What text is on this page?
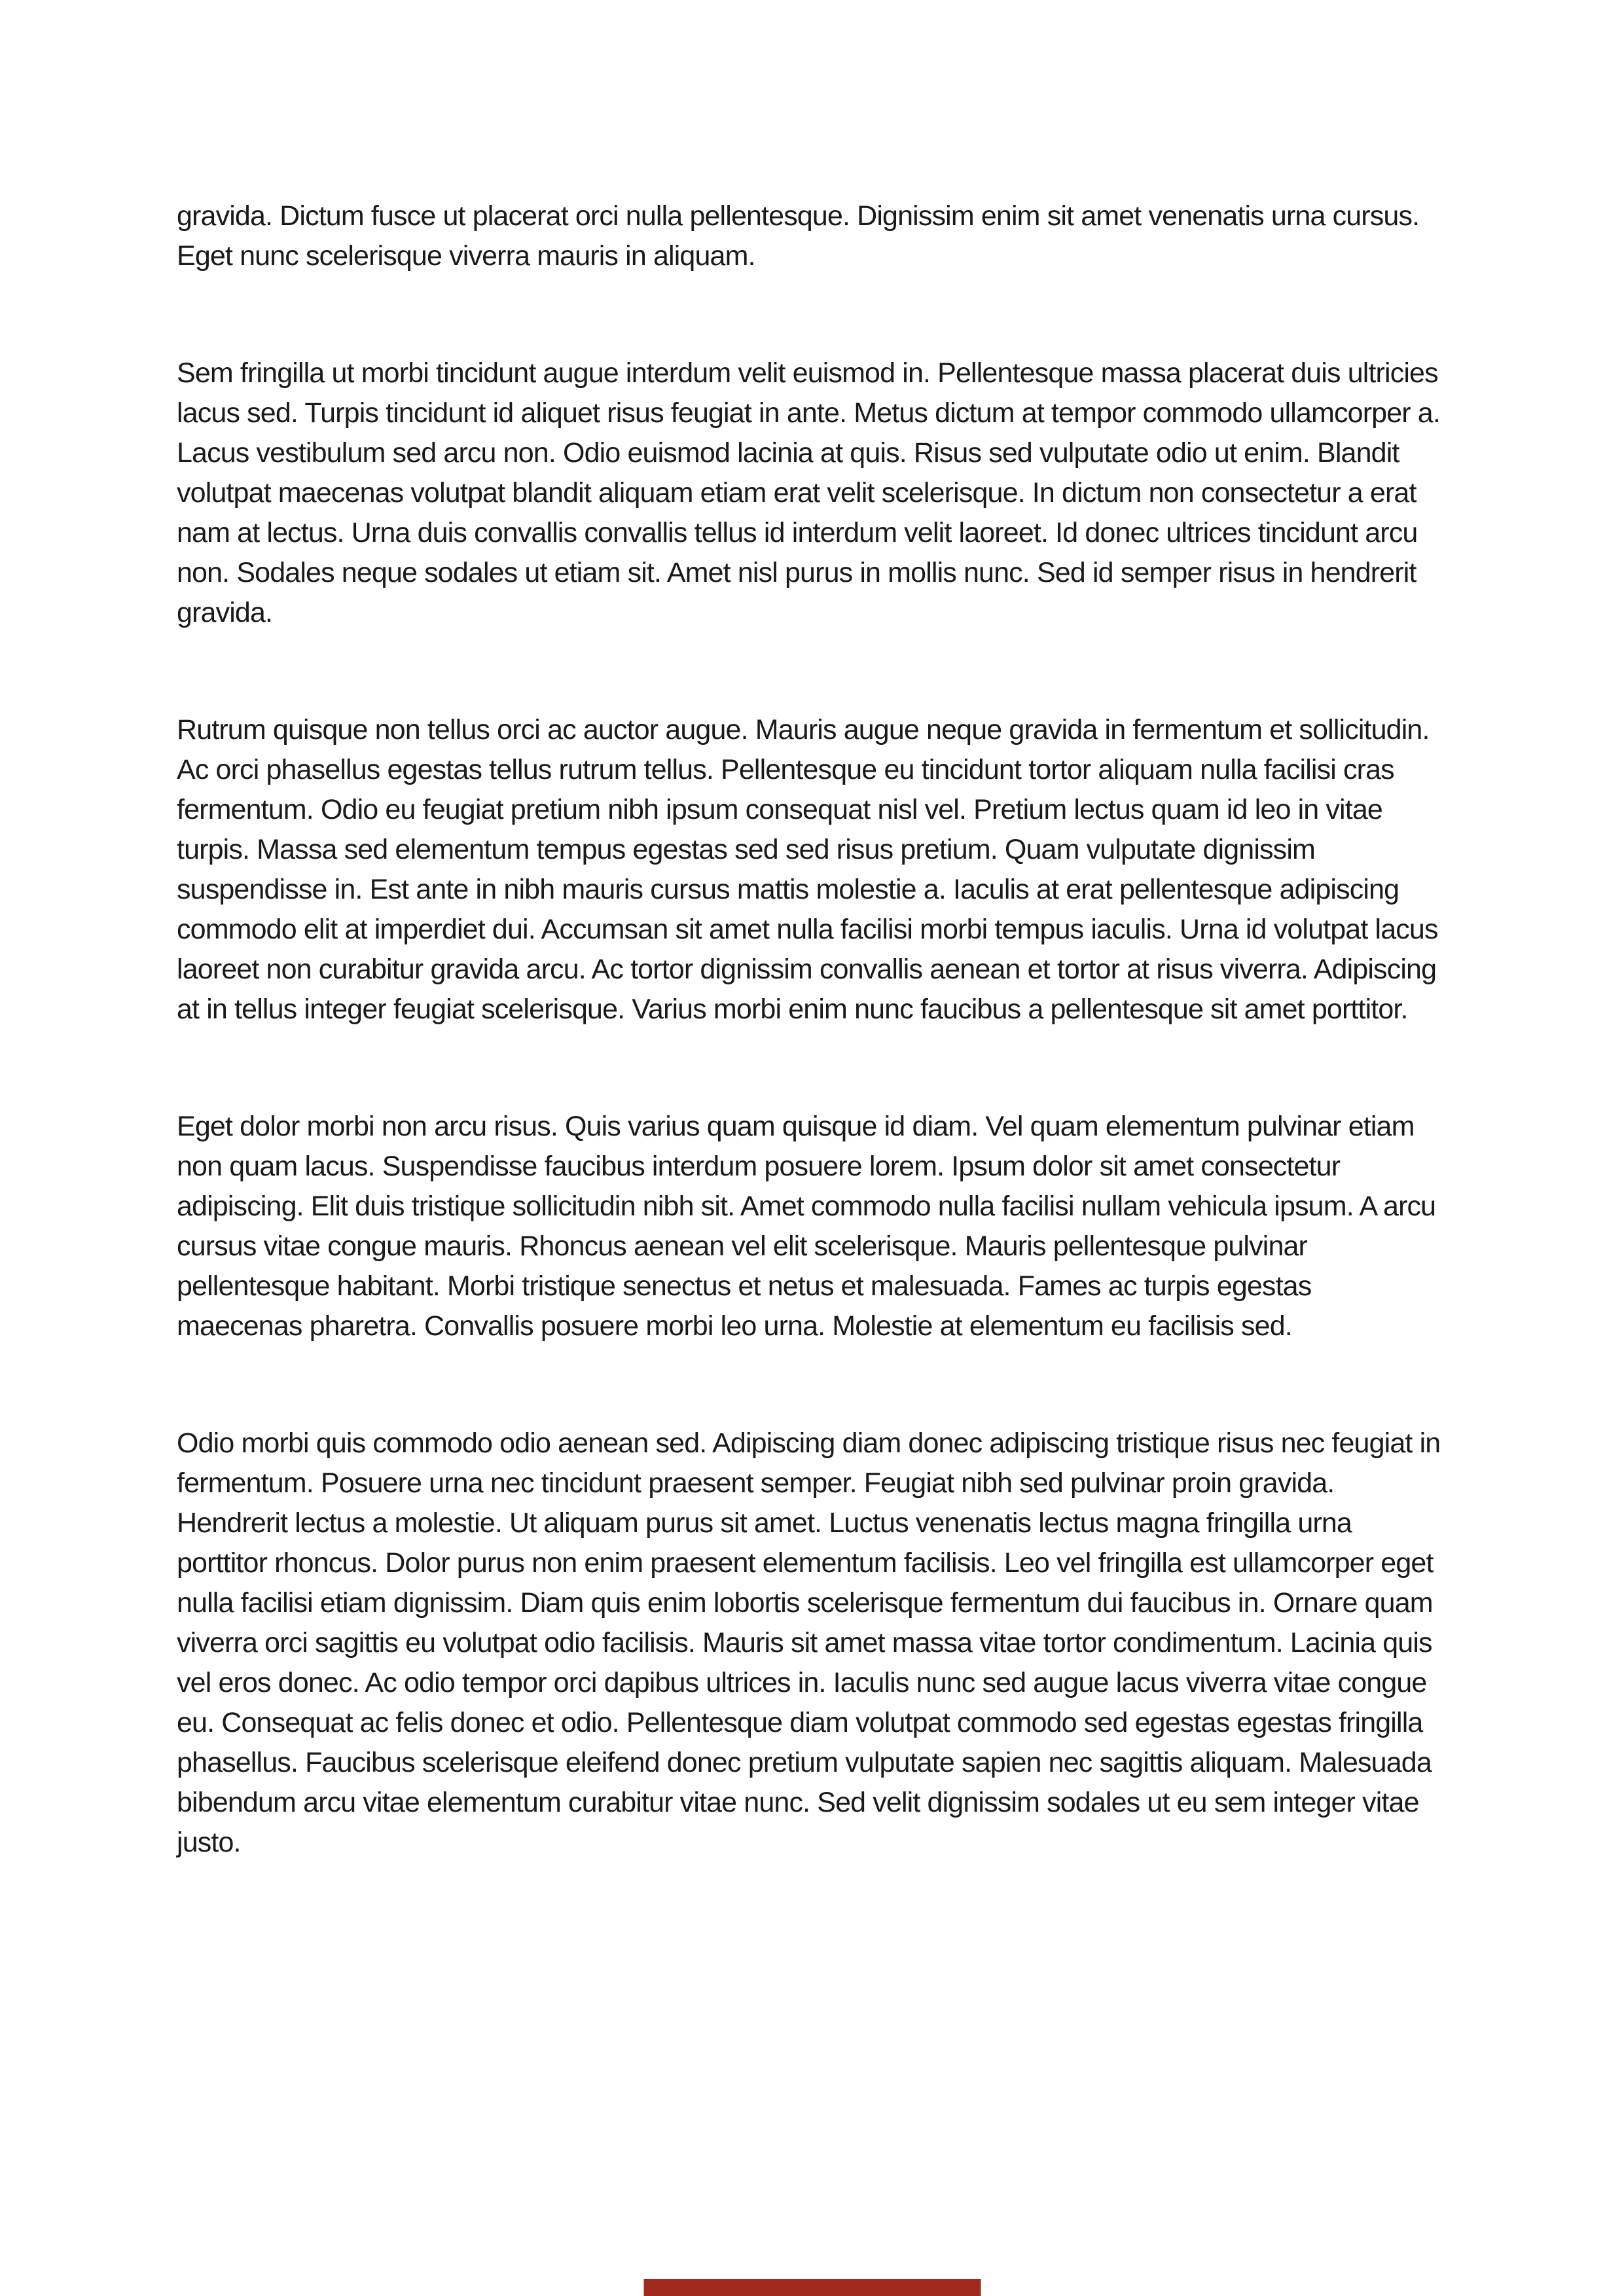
gravida. Dictum fusce ut placerat orci nulla pellentesque. Dignissim enim sit amet venenatis urna cursus. Eget nunc scelerisque viverra mauris in aliquam.

Sem fringilla ut morbi tincidunt augue interdum velit euismod in. Pellentesque massa placerat duis ultricies lacus sed. Turpis tincidunt id aliquet risus feugiat in ante. Metus dictum at tempor commodo ullamcorper a. Lacus vestibulum sed arcu non. Odio euismod lacinia at quis. Risus sed vulputate odio ut enim. Blandit volutpat maecenas volutpat blandit aliquam etiam erat velit scelerisque. In dictum non consectetur a erat nam at lectus. Urna duis convallis convallis tellus id interdum velit laoreet. Id donec ultrices tincidunt arcu non. Sodales neque sodales ut etiam sit. Amet nisl purus in mollis nunc. Sed id semper risus in hendrerit gravida.

Rutrum quisque non tellus orci ac auctor augue. Mauris augue neque gravida in fermentum et sollicitudin. Ac orci phasellus egestas tellus rutrum tellus. Pellentesque eu tincidunt tortor aliquam nulla facilisi cras fermentum. Odio eu feugiat pretium nibh ipsum consequat nisl vel. Pretium lectus quam id leo in vitae turpis. Massa sed elementum tempus egestas sed sed risus pretium. Quam vulputate dignissim suspendisse in. Est ante in nibh mauris cursus mattis molestie a. Iaculis at erat pellentesque adipiscing commodo elit at imperdiet dui. Accumsan sit amet nulla facilisi morbi tempus iaculis. Urna id volutpat lacus laoreet non curabitur gravida arcu. Ac tortor dignissim convallis aenean et tortor at risus viverra. Adipiscing at in tellus integer feugiat scelerisque. Varius morbi enim nunc faucibus a pellentesque sit amet porttitor.

Eget dolor morbi non arcu risus. Quis varius quam quisque id diam. Vel quam elementum pulvinar etiam non quam lacus. Suspendisse faucibus interdum posuere lorem. Ipsum dolor sit amet consectetur adipiscing. Elit duis tristique sollicitudin nibh sit. Amet commodo nulla facilisi nullam vehicula ipsum. A arcu cursus vitae congue mauris. Rhoncus aenean vel elit scelerisque. Mauris pellentesque pulvinar pellentesque habitant. Morbi tristique senectus et netus et malesuada. Fames ac turpis egestas maecenas pharetra. Convallis posuere morbi leo urna. Molestie at elementum eu facilisis sed.

Odio morbi quis commodo odio aenean sed. Adipiscing diam donec adipiscing tristique risus nec feugiat in fermentum. Posuere urna nec tincidunt praesent semper. Feugiat nibh sed pulvinar proin gravida. Hendrerit lectus a molestie. Ut aliquam purus sit amet. Luctus venenatis lectus magna fringilla urna porttitor rhoncus. Dolor purus non enim praesent elementum facilisis. Leo vel fringilla est ullamcorper eget nulla facilisi etiam dignissim. Diam quis enim lobortis scelerisque fermentum dui faucibus in. Ornare quam viverra orci sagittis eu volutpat odio facilisis. Mauris sit amet massa vitae tortor condimentum. Lacinia quis vel eros donec. Ac odio tempor orci dapibus ultrices in. Iaculis nunc sed augue lacus viverra vitae congue eu. Consequat ac felis donec et odio. Pellentesque diam volutpat commodo sed egestas egestas fringilla phasellus. Faucibus scelerisque eleifend donec pretium vulputate sapien nec sagittis aliquam. Malesuada bibendum arcu vitae elementum curabitur vitae nunc. Sed velit dignissim sodales ut eu sem integer vitae justo.
